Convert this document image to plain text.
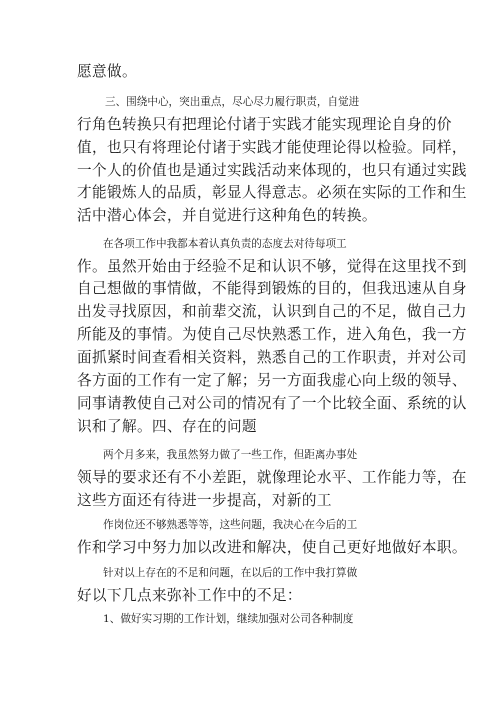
愿意做。
三、围绕中心，突出重点，尽心尽力履行职责，自觉进
行角色转换只有把理论付诸于实践才能实现理论自身的价
值，也只有将理论付诸于实践才能使理论得以检验。同样，
一个人的价值也是通过实践活动来体现的，也只有通过实践
才能锻炼人的品质，彰显人得意志。必须在实际的工作和生
活中潜心体会，并自觉进行这种角色的转换。
在各项工作中我都本着认真负责的态度去对待每项工
作。虽然开始由于经验不足和认识不够，觉得在这里找不到
自己想做的事情做，不能得到锻炼的目的，但我迅速从自身
出发寻找原因，和前辈交流，认识到自己的不足，做自己力
所能及的事情。为使自己尽快熟悉工作，进入角色，我一方
面抓紧时间查看相关资料，熟悉自己的工作职责，并对公司
各方面的工作有一定了解；另一方面我虚心向上级的领导、
同事请教使自己对公司的情况有了一个比较全面、系统的认
识和了解。四、存在的问题
两个月多来，我虽然努力做了一些工作，但距离办事处
领导的要求还有不小差距，就像理论水平、工作能力等，在
这些方面还有待进一步提高，对新的工
作岗位还不够熟悉等等，这些问题，我决心在今后的工
作和学习中努力加以改进和解决，使自己更好地做好本职。
针对以上存在的不足和问题，在以后的工作中我打算做
好以下几点来弥补工作中的不足：
1、做好实习期的工作计划，继续加强对公司各种制度
